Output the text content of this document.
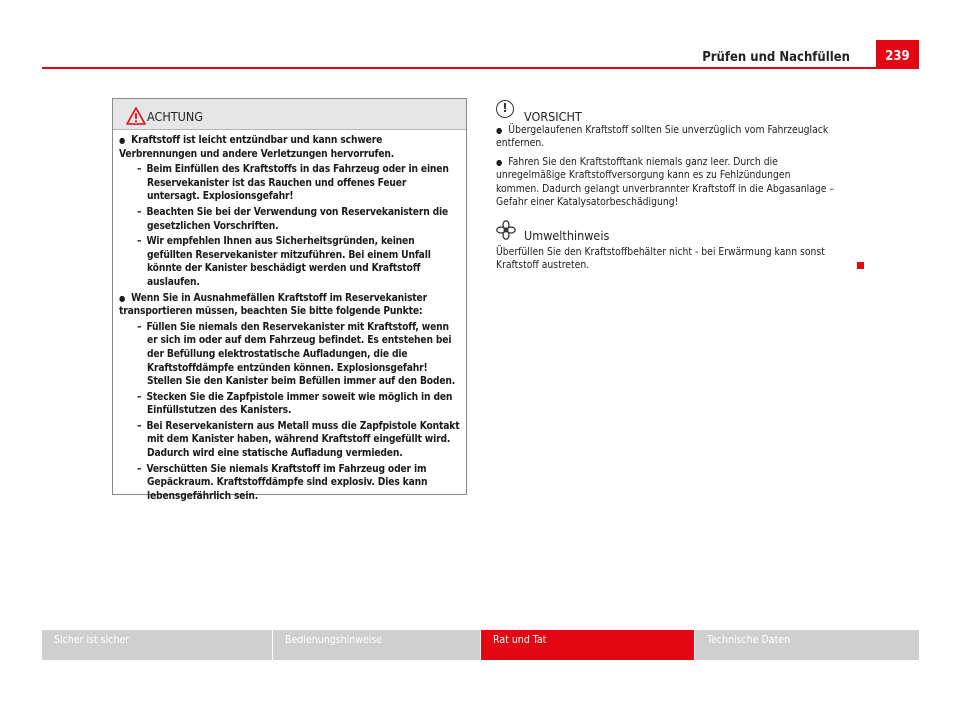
Prüfen und Nachfüllen	239
ACHTUNG

● Kraftstoff ist leicht entzündbar und kann schwere Verbrennungen und andere Verletzungen hervorrufen.

– Beim Einfüllen des Kraftstoffs in das Fahrzeug oder in einen Reservekanister ist das Rauchen und offenes Feuer untersagt. Explosionsgefahr!

– Beachten Sie bei der Verwendung von Reservekanistern die gesetzlichen Vorschriften.

– Wir empfehlen Ihnen aus Sicherheitsgründen, keinen gefüllten Reservekanister mitzuführen. Bei einem Unfall könnte der Kanister beschädigt werden und Kraftstoff auslaufen.

● Wenn Sie in Ausnahmefällen Kraftstoff im Reservekanister transportieren müssen, beachten Sie bitte folgende Punkte:

– Füllen Sie niemals den Reservekanister mit Kraftstoff, wenn er sich im oder auf dem Fahrzeug befindet. Es entstehen bei der Befüllung elektrostatische Aufladungen, die die Kraftstoffdämpfe entzünden können. Explosionsgefahr! Stellen Sie den Kanister beim Befüllen immer auf den Boden.

– Stecken Sie die Zapfpistole immer soweit wie möglich in den Einfüllstutzen des Kanisters.

– Bei Reservekanistern aus Metall muss die Zapfpistole Kontakt mit dem Kanister haben, während Kraftstoff eingefüllt wird. Dadurch wird eine statische Aufladung vermieden.

– Verschütten Sie niemals Kraftstoff im Fahrzeug oder im Gepäckraum. Kraftstoffdämpfe sind explosiv. Dies kann lebensgefährlich sein.

!
VORSICHT

● Übergelaufenen Kraftstoff sollten Sie unverzüglich vom Fahrzeuglack entfernen.

● Fahren Sie den Kraftstofftank niemals ganz leer. Durch die unregelmäßige Kraftstoffversorgung kann es zu Fehlzündungen kommen. Dadurch gelangt unverbrannter Kraftstoff in die Abgasanlage – Gefahr einer Katalysatorbeschädigung!

Umwelthinweis
Überfüllen Sie den Kraftstoffbehälter nicht - bei Erwärmung kann sonst Kraftstoff austreten.
Sicher ist sicher	Bedienungshinweise	Rat und Tat	Technische Daten
